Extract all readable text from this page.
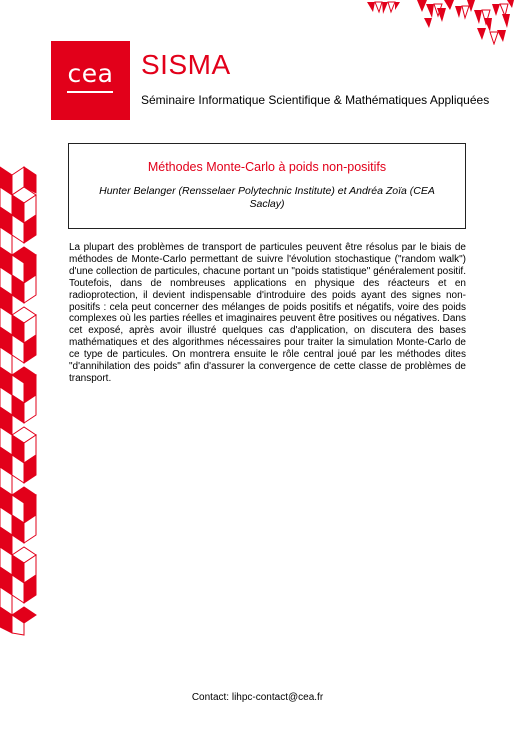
cea SISMA
Séminaire Informatique Scientifique & Mathématiques Appliquées
Méthodes Monte-Carlo à poids non-positifs
Hunter Belanger (Rensselaer Polytechnic Institute) et Andréa Zoïa (CEA Saclay)

La plupart des problèmes de transport de particules peuvent être résolus par le biais de méthodes de Monte-Carlo permettant de suivre l'évolution stochastique ("random walk") d'une collection de particules, chacune portant un "poids statistique" généralement positif. Toutefois, dans de nombreuses applications en physique des réacteurs et en radioprotection, il devient indispensable d'introduire des poids ayant des signes non-positifs : cela peut concerner des mélanges de poids positifs et négatifs, voire des poids complexes où les parties réelles et imaginaires peuvent être positives ou négatives. Dans cet exposé, après avoir illustré quelques cas d'application, on discutera des bases mathématiques et des algorithmes nécessaires pour traiter la simulation Monte-Carlo de ce type de particules. On montrera ensuite le rôle central joué par les méthodes dites "d'annihilation des poids" afin d'assurer la convergence de cette classe de problèmes de transport.

Contact: lihpc-contact@cea.fr
